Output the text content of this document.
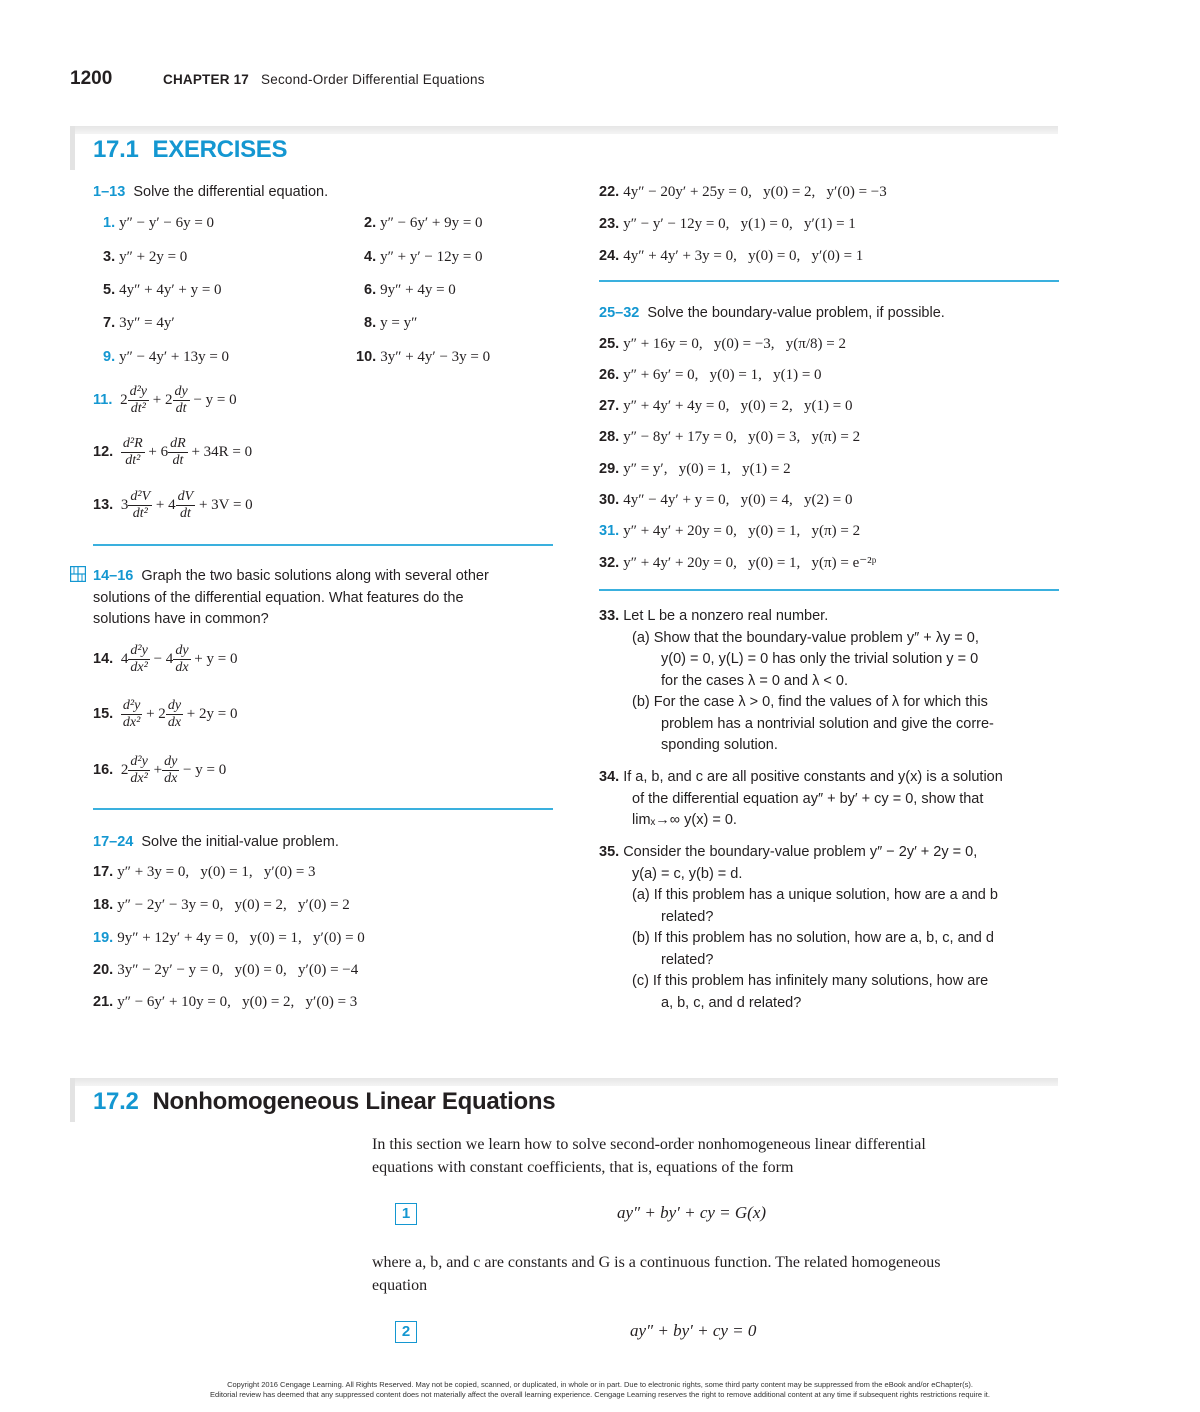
1200	CHAPTER 17 Second-Order Differential Equations
17.1 EXERCISES
1–13 Solve the differential equation.
1. y″ − y′ − 6y = 0	2. y″ − 6y′ + 9y = 0
3. y″ + 2y = 0	4. y″ + y′ − 12y = 0
5. 4y″ + 4y′ + y = 0	6. 9y″ + 4y = 0
7. 3y″ = 4y′	8. y = y″
9. y″ − 4y′ + 13y = 0	10. 3y″ + 4y′ − 3y = 0
11. $2 \frac{\text{d²y}}{\text{dt²}} + 2 \frac{dy}{dt} - y = 0$
12. $\frac{\text{d²R}}{\text{dt²}} + 6 \frac{dR}{dt} + 34R = 0$
13. $3 \frac{\text{d²V}}{\text{dt²}} + 4 \frac{dV}{dt} + 3V = 0$
14–16 Graph the two basic solutions along with several other
solutions of the differential equation. What features do the
solutions have in common?
14. $4 \frac{\text{d²y}}{\text{dx²}} - 4 \frac{dy}{dx} + y = 0$
15. $\frac{\text{d²y}}{\text{dx²}} + 2 \frac{dy}{dx} + 2y = 0$
16. $2 \frac{\text{d²y}}{\text{dx²}} + \frac{dy}{dx} - y = 0$
17–24 Solve the initial-value problem.
17. y″ + 3y = 0,   y(0) = 1,   y′(0) = 3
18. y″ − 2y′ − 3y = 0,   y(0) = 2,   y′(0) = 2
19. 9y″ + 12y′ + 4y = 0,   y(0) = 1,   y′(0) = 0
20. 3y″ − 2y′ − y = 0,   y(0) = 0,   y′(0) = −4
21. y″ − 6y′ + 10y = 0,   y(0) = 2,   y′(0) = 3
22. 4y″ − 20y′ + 25y = 0,   y(0) = 2,   y′(0) = −3
23. y″ − y′ − 12y = 0,   y(1) = 0,   y′(1) = 1
24. 4y″ + 4y′ + 3y = 0,   y(0) = 0,   y′(0) = 1
25–32 Solve the boundary-value problem, if possible.
25. y″ + 16y = 0,   y(0) = −3,   y(π/8) = 2
26. y″ + 6y′ = 0,   y(0) = 1,   y(1) = 0
27. y″ + 4y′ + 4y = 0,   y(0) = 2,   y(1) = 0
28. y″ − 8y′ + 17y = 0,   y(0) = 3,   y(π) = 2
29. y″ = y′,   y(0) = 1,   y(1) = 2
30. 4y″ − 4y′ + y = 0,   y(0) = 4,   y(2) = 0
31. y″ + 4y′ + 20y = 0,   y(0) = 1,   y(π) = 2
32. y″ + 4y′ + 20y = 0,   y(0) = 1,   y(π) = e⁻²ᵖ
33. Let L be a nonzero real number.
(a) Show that the boundary-value problem y″ + λy = 0,
y(0) = 0, y(L) = 0 has only the trivial solution y = 0
for the cases λ = 0 and λ < 0.
(b) For the case λ > 0, find the values of λ for which this
problem has a nontrivial solution and give the corre-
sponding solution.
34. If a, b, and c are all positive constants and y(x) is a solution
of the differential equation ay″ + by′ + cy = 0, show that
limₓ→∞ y(x) = 0.
35. Consider the boundary-value problem y″ − 2y′ + 2y = 0,
y(a) = c, y(b) = d.
(a) If this problem has a unique solution, how are a and b
related?
(b) If this problem has no solution, how are a, b, c, and d
related?
(c) If this problem has infinitely many solutions, how are
a, b, c, and d related?
17.2 Nonhomogeneous Linear Equations
In this section we learn how to solve second-order nonhomogeneous linear differential
equations with constant coefficients, that is, equations of the form
1	ay″ + by′ + cy = G(x)
where a, b, and c are constants and G is a continuous function. The related homogeneous
equation
2	ay″ + by′ + cy = 0
Copyright 2016 Cengage Learning. All Rights Reserved. May not be copied, scanned, or duplicated, in whole or in part. Due to electronic rights, some third party content may be suppressed from the eBook and/or eChapter(s).
Editorial review has deemed that any suppressed content does not materially affect the overall learning experience. Cengage Learning reserves the right to remove additional content at any time if subsequent rights restrictions require it.
